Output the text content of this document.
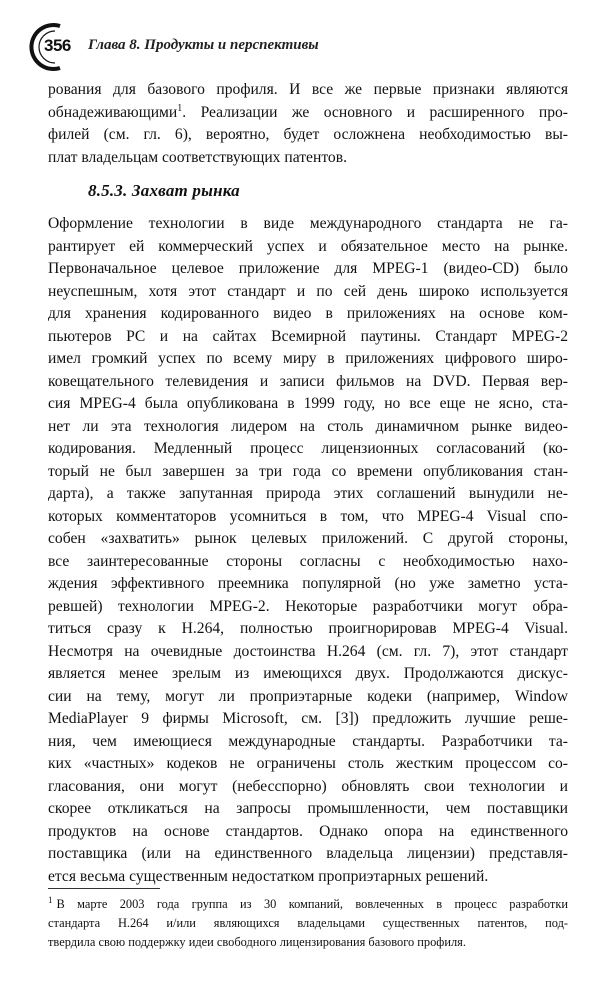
356 Глава 8. Продукты и перспективы
рования для базового профиля. И все же первые признаки являются
обнадеживающими$^1$. Реализации же основного и расширенного про-
филей (см. гл. 6), вероятно, будет осложнена необходимостью вы-
плат владельцам соответствующих патентов.
8.5.3. Захват рынка
Оформление технологии в виде международного стандарта не га-
рантирует ей коммерческий успех и обязательное место на рынке.
Первоначальное целевое приложение для MPEG-1 (видео-CD) было
неуспешным, хотя этот стандарт и по сей день широко используется
для хранения кодированного видео в приложениях на основе ком-
пьютеров PC и на сайтах Всемирной паутины. Стандарт MPEG-2
имел громкий успех по всему миру в приложениях цифрового широ-
ковещательного телевидения и записи фильмов на DVD. Первая вер-
сия MPEG-4 была опубликована в 1999 году, но все еще не ясно, ста-
нет ли эта технология лидером на столь динамичном рынке видео-
кодирования. Медленный процесс лицензионных согласований (ко-
торый не был завершен за три года со времени опубликования стан-
дарта), а также запутанная природа этих соглашений вынудили не-
которых комментаторов усомниться в том, что MPEG-4 Visual спо-
собен «захватить» рынок целевых приложений. С другой стороны,
все заинтересованные стороны согласны с необходимостью нахо-
ждения эффективного преемника популярной (но уже заметно уста-
ревшей) технологии MPEG-2. Некоторые разработчики могут обра-
титься сразу к H.264, полностью проигнорировав MPEG-4 Visual.
Несмотря на очевидные достоинства H.264 (см. гл. 7), этот стандарт
является менее зрелым из имеющихся двух. Продолжаются дискус-
сии на тему, могут ли проприэтарные кодеки (например, Window
MediaPlayer 9 фирмы Microsoft, см. [3]) предложить лучшие реше-
ния, чем имеющиеся международные стандарты. Разработчики та-
ких «частных» кодеков не ограничены столь жестким процессом со-
гласования, они могут (небесспорно) обновлять свои технологии и
скорее откликаться на запросы промышленности, чем поставщики
продуктов на основе стандартов. Однако опора на единственного
поставщика (или на единственного владельца лицензии) представля-
ется весьма существенным недостатком проприэтарных решений.
$^1$ В марте 2003 года группа из 30 компаний, вовлеченных в процесс разработки
стандарта H.264 и/или являющихся владельцами существенных патентов, под-
твердила свою поддержку идеи свободного лицензирования базового профиля.
